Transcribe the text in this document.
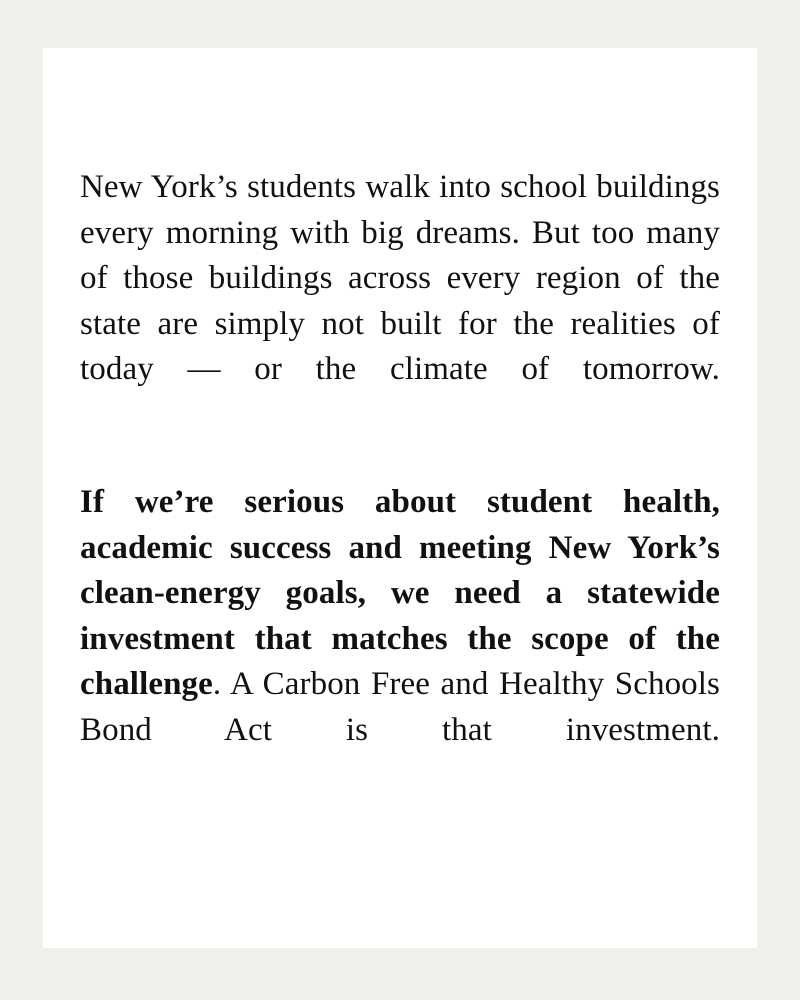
New York’s students walk into school buildings every morning with big dreams. But too many of those buildings across every region of the state are simply not built for the realities of today — or the climate of tomorrow.

If we’re serious about student health, academic success and meeting New York’s clean-energy goals, we need a statewide investment that matches the scope of the challenge. A Carbon Free and Healthy Schools Bond Act is that investment.
